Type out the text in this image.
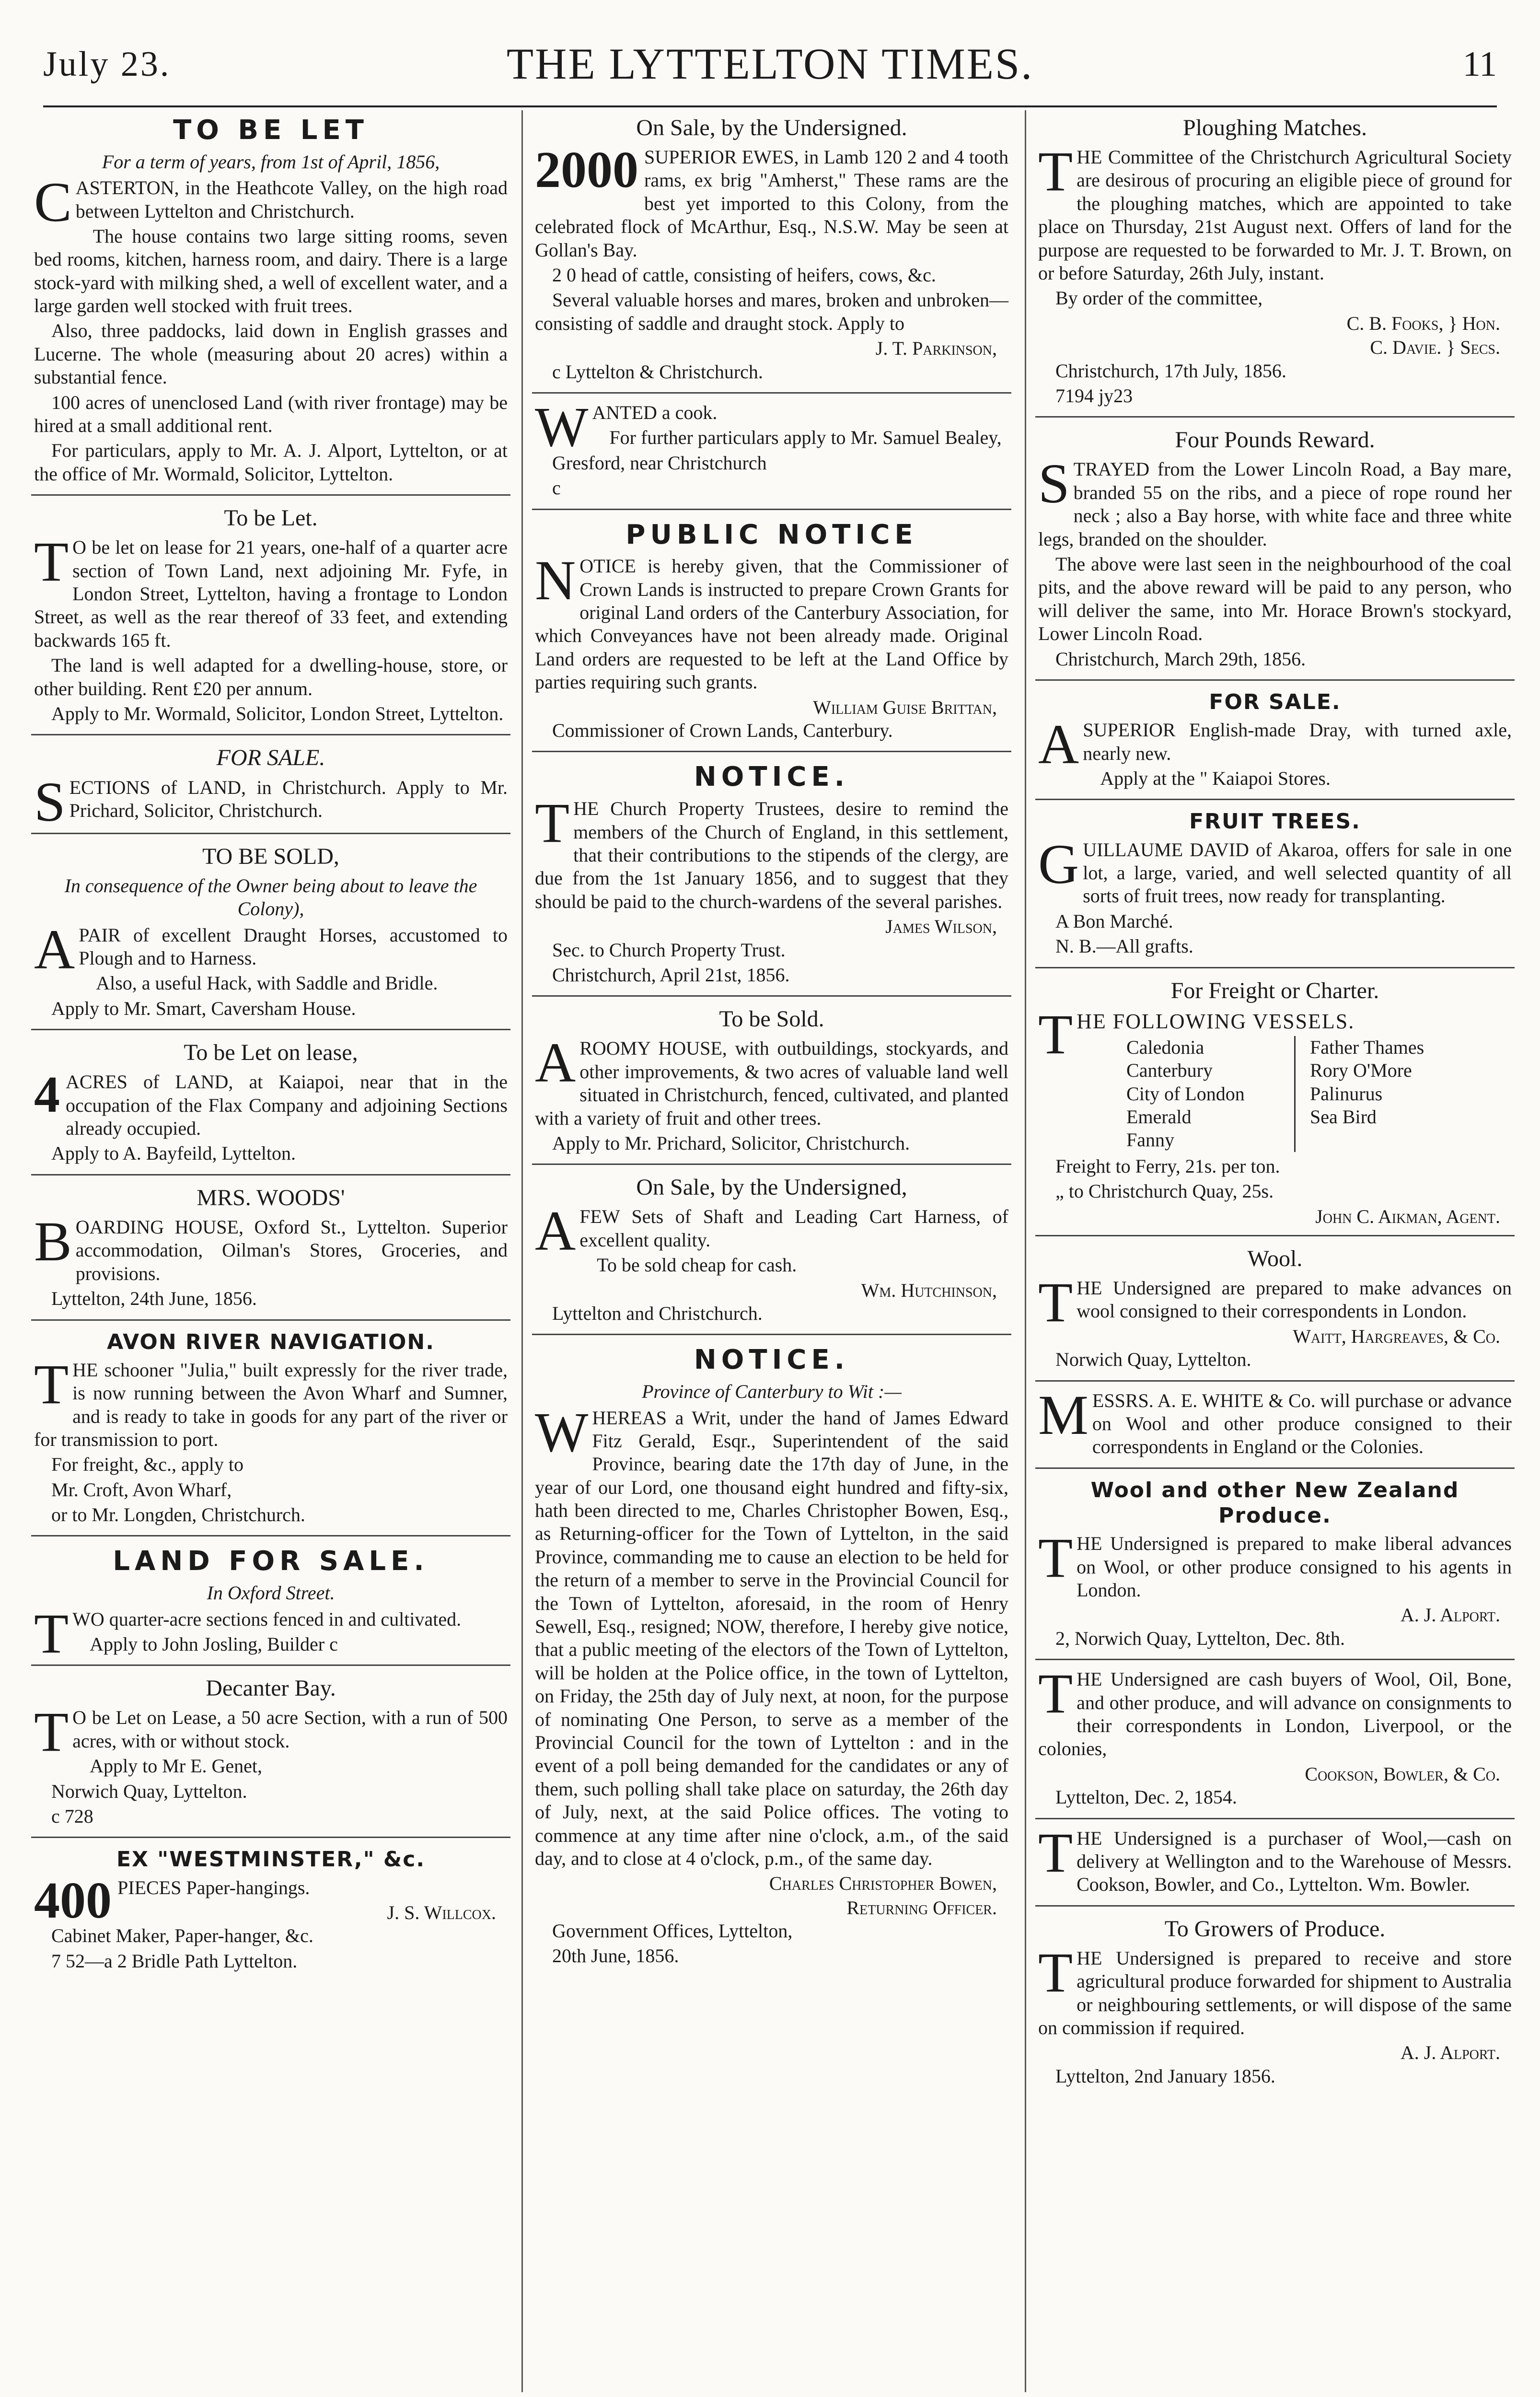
July 23.	THE LYTTELTON TIMES.	11
TO BE LET
For a term of years, from 1st of April, 1856,
C ASTERTON, in the Heathcote Valley, on the high road between Lyttelton and Christchurch.

The house contains two large sitting rooms, seven bed rooms, kitchen, harness room, and dairy. There is a large stock-yard with milking shed, a well of excellent water, and a large garden well stocked with fruit trees.

Also, three paddocks, laid down in English grasses and Lucerne. The whole (measuring about 20 acres) within a substantial fence.

100 acres of unenclosed Land (with river frontage) may be hired at a small additional rent.

For particulars, apply to Mr. A. J. Alport, Lyttelton, or at the office of Mr. Wormald, Solicitor, Lyttelton.

To be Let.
T O be let on lease for 21 years, one-half of a quarter acre section of Town Land, next adjoining Mr. Fyfe, in London Street, Lyttelton, having a frontage to London Street, as well as the rear thereof of 33 feet, and extending backwards 165 ft.

The land is well adapted for a dwelling-house, store, or other building. Rent £20 per annum.

Apply to Mr. Wormald, Solicitor, London Street, Lyttelton.

FOR SALE.
S ECTIONS of LAND, in Christchurch. Apply to Mr. Prichard, Solicitor, Christchurch.

TO BE SOLD,
In consequence of the Owner being about to leave the Colony),
A PAIR of excellent Draught Horses, accustomed to Plough and to Harness.

Also, a useful Hack, with Saddle and Bridle.

Apply to Mr. Smart, Caversham House.

To be Let on lease,
4 ACRES of LAND, at Kaiapoi, near that in the occupation of the Flax Company and adjoining Sections already occupied.

Apply to A. Bayfeild, Lyttelton.

MRS. WOODS'
B OARDING HOUSE, Oxford St., Lyttelton. Superior accommodation, Oilman's Stores, Groceries, and provisions.

Lyttelton, 24th June, 1856.

AVON RIVER NAVIGATION.
T HE schooner "Julia," built expressly for the river trade, is now running between the Avon Wharf and Sumner, and is ready to take in goods for any part of the river or for transmission to port.

For freight, &c., apply to

Mr. Croft, Avon Wharf,

or to Mr. Longden, Christchurch.

LAND FOR SALE.
In Oxford Street.
T WO quarter-acre sections fenced in and cultivated.

Apply to John Josling, Builder c

Decanter Bay.
T O be Let on Lease, a 50 acre Section, with a run of 500 acres, with or without stock.

Apply to Mr E. Genet,

Norwich Quay, Lyttelton.

c 728

EX "WESTMINSTER," &c.
400 PIECES Paper-hangings.

J. S. Willcox.

Cabinet Maker, Paper-hanger, &c.

7 52—a 2 Bridle Path Lyttelton.

On Sale, by the Undersigned.
2000 SUPERIOR EWES, in Lamb 120 2 and 4 tooth rams, ex brig "Amherst," These rams are the best yet imported to this Colony, from the celebrated flock of McArthur, Esq., N.S.W. May be seen at Gollan's Bay.

2 0 head of cattle, consisting of heifers, cows, &c.

Several valuable horses and mares, broken and unbroken—consisting of saddle and draught stock. Apply to

J. T. Parkinson,

c Lyttelton & Christchurch.

W ANTED a cook.

For further particulars apply to Mr. Samuel Bealey,

Gresford, near Christchurch

c

PUBLIC NOTICE
N OTICE is hereby given, that the Commissioner of Crown Lands is instructed to prepare Crown Grants for original Land orders of the Canterbury Association, for which Conveyances have not been already made. Original Land orders are requested to be left at the Land Office by parties requiring such grants.

William Guise Brittan,

Commissioner of Crown Lands, Canterbury.

NOTICE.
T HE Church Property Trustees, desire to remind the members of the Church of England, in this settlement, that their contributions to the stipends of the clergy, are due from the 1st January 1856, and to suggest that they should be paid to the church-wardens of the several parishes.

James Wilson,

Sec. to Church Property Trust.

Christchurch, April 21st, 1856.

To be Sold.
A ROOMY HOUSE, with outbuildings, stockyards, and other improvements, & two acres of valuable land well situated in Christchurch, fenced, cultivated, and planted with a variety of fruit and other trees.

Apply to Mr. Prichard, Solicitor, Christchurch.

On Sale, by the Undersigned,
A FEW Sets of Shaft and Leading Cart Harness, of excellent quality.

To be sold cheap for cash.

Wm. Hutchinson,

Lyttelton and Christchurch.

NOTICE.
Province of Canterbury to Wit :—
W HEREAS a Writ, under the hand of James Edward Fitz Gerald, Esqr., Superintendent of the said Province, bearing date the 17th day of June, in the year of our Lord, one thousand eight hundred and fifty-six, hath been directed to me, Charles Christopher Bowen, Esq., as Returning-officer for the Town of Lyttelton, in the said Province, commanding me to cause an election to be held for the return of a member to serve in the Provincial Council for the Town of Lyttelton, aforesaid, in the room of Henry Sewell, Esq., resigned; NOW, therefore, I hereby give notice, that a public meeting of the electors of the Town of Lyttelton, will be holden at the Police office, in the town of Lyttelton, on Friday, the 25th day of July next, at noon, for the purpose of nominating One Person, to serve as a member of the Provincial Council for the town of Lyttelton : and in the event of a poll being demanded for the candidates or any of them, such polling shall take place on saturday, the 26th day of July, next, at the said Police offices. The voting to commence at any time after nine o'clock, a.m., of the said day, and to close at 4 o'clock, p.m., of the same day.

Charles Christopher Bowen,

Returning Officer.

Government Offices, Lyttelton,

20th June, 1856.

Ploughing Matches.
T HE Committee of the Christchurch Agricultural Society are desirous of procuring an eligible piece of ground for the ploughing matches, which are appointed to take place on Thursday, 21st August next. Offers of land for the purpose are requested to be forwarded to Mr. J. T. Brown, on or before Saturday, 26th July, instant.

By order of the committee,

C. B. Fooks, } Hon.

C. Davie. } Secs.

Christchurch, 17th July, 1856.

7194 jy23

Four Pounds Reward.
S TRAYED from the Lower Lincoln Road, a Bay mare, branded 55 on the ribs, and a piece of rope round her neck ; also a Bay horse, with white face and three white legs, branded on the shoulder.

The above were last seen in the neighbourhood of the coal pits, and the above reward will be paid to any person, who will deliver the same, into Mr. Horace Brown's stockyard, Lower Lincoln Road.

Christchurch, March 29th, 1856.

FOR SALE.
A SUPERIOR English-made Dray, with turned axle, nearly new.

Apply at the " Kaiapoi Stores.

FRUIT TREES.
G UILLAUME DAVID of Akaroa, offers for sale in one lot, a large, varied, and well selected quantity of all sorts of fruit trees, now ready for transplanting.

A Bon Marché.

N. B.—All grafts.

For Freight or Charter.
T HE FOLLOWING VESSELS.

Caledonia
Canterbury
City of London
Emerald
Fanny
Father Thames
Rory O'More
Palinurus
Sea Bird

Freight to Ferry, 21s. per ton.

„ to Christchurch Quay, 25s.

John C. Aikman, Agent.

Wool.
T HE Undersigned are prepared to make advances on wool consigned to their correspondents in London.

Waitt, Hargreaves, & Co.

Norwich Quay, Lyttelton.

M ESSRS. A. E. WHITE & Co. will purchase or advance on Wool and other produce consigned to their correspondents in England or the Colonies.

Wool and other New Zealand Produce.
T HE Undersigned is prepared to make liberal advances on Wool, or other produce consigned to his agents in London.

A. J. Alport.

2, Norwich Quay, Lyttelton, Dec. 8th.

T HE Undersigned are cash buyers of Wool, Oil, Bone, and other produce, and will advance on consignments to their correspondents in London, Liverpool, or the colonies,

Cookson, Bowler, & Co.

Lyttelton, Dec. 2, 1854.

T HE Undersigned is a purchaser of Wool,—cash on delivery at Wellington and to the Warehouse of Messrs. Cookson, Bowler, and Co., Lyttelton. Wm. Bowler.

To Growers of Produce.
T HE Undersigned is prepared to receive and store agricultural produce forwarded for shipment to Australia or neighbouring settlements, or will dispose of the same on commission if required.

A. J. Alport.

Lyttelton, 2nd January 1856.
